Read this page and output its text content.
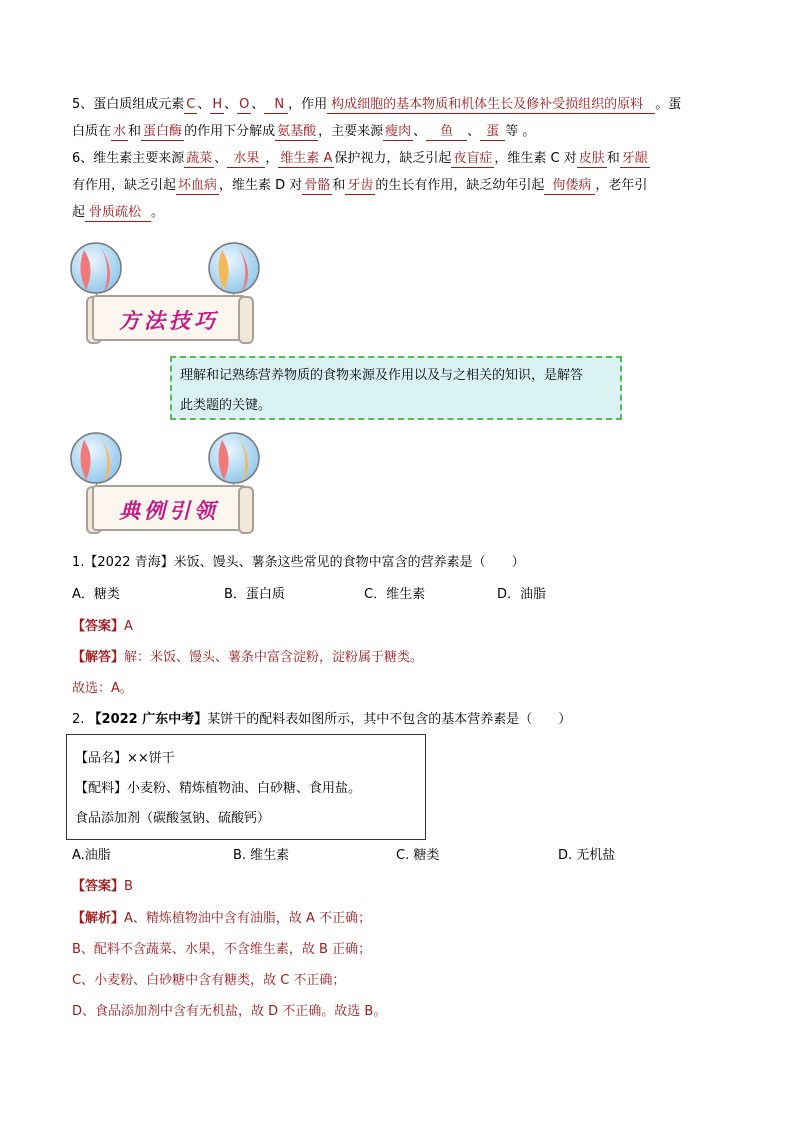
5、蛋白质组成元素 C 、 H 、 O 、 N ，作用 构成细胞的基本物质和机体生长及修补受损组织的原料 。蛋
白质在 水 和 蛋白酶 的作用下分解成 氨基酸 ，主要来源 瘦肉 、 鱼 、 蛋 等 。
6、维生素主要来源 蔬菜 、 水果 ， 维生素 A 保护视力，缺乏引起 夜盲症 ，维生素 C 对 皮肤 和 牙龈
有作用，缺乏引起 坏血病 ，维生素 D 对 骨骼 和 牙齿 的生长有作用，缺乏幼年引起 佝偻病 ，老年引
起 骨质疏松 。
方法技巧
理解和记熟练营养物质的食物来源及作用以及与之相关的知识，是解答
此类题的关键。
典例引领
1.【2022 青海】米饭、馒头、薯条这些常见的食物中富含的营养素是（　　）
A．糖类	B．蛋白质	C．维生素	D．油脂
【答案】A
【解答】解：米饭、馒头、薯条中富含淀粉，淀粉属于糖类。
故选：A。
2. 【2022 广东中考】某饼干的配料表如图所示，其中不包含的基本营养素是（　　）
【品名】××饼干
【配料】小麦粉、精炼植物油、白砂糖、食用盐。
食品添加剂（碳酸氢钠、硫酸钙）
A.油脂	B. 维生素	C. 糖类	D. 无机盐
【答案】B
【解析】A、精炼植物油中含有油脂，故 A 不正确；
B、配料不含蔬菜、水果，不含维生素，故 B 正确；
C、小麦粉、白砂糖中含有糖类，故 C 不正确；
D、食品添加剂中含有无机盐，故 D 不正确。故选 B。
